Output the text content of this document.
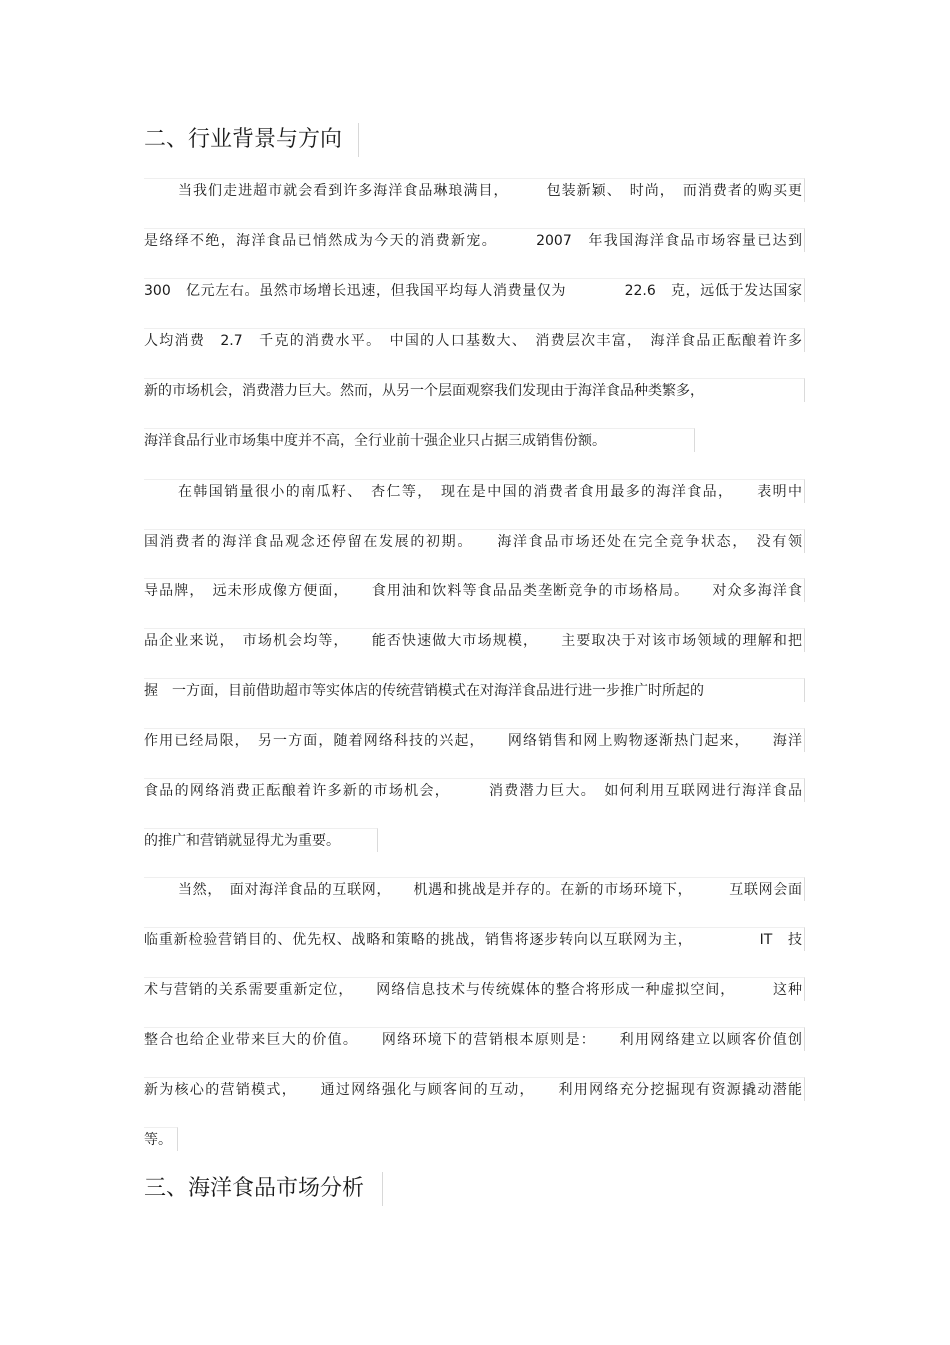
二、行业背景与方向
当我们走进超市就会看到许多海洋食品琳琅满目，　　　包装新颖、　时尚，　而消费者的购买更
是络绎不绝，海洋食品已悄然成为今天的消费新宠。　　　2007　年我国海洋食品市场容量已达到
300　亿元左右。虽然市场增长迅速，但我国平均每人消费量仅为　　　　22.6　克，远低于发达国家
人均消费　2.7　千克的消费水平。　中国的人口基数大、　消费层次丰富，　海洋食品正酝酿着许多
新的市场机会，消费潜力巨大。然而，从另一个层面观察我们发现由于海洋食品种类繁多，
海洋食品行业市场集中度并不高，全行业前十强企业只占据三成销售份额。
在韩国销量很小的南瓜籽、　杏仁等，　现在是中国的消费者食用最多的海洋食品，　　表明中
国消费者的海洋食品观念还停留在发展的初期。　　海洋食品市场还处在完全竞争状态，　没有领
导品牌，　远未形成像方便面，　　食用油和饮料等食品品类垄断竞争的市场格局。　　对众多海洋食
品企业来说，　市场机会均等，　　能否快速做大市场规模，　　主要取决于对该市场领域的理解和把
握　一方面，目前借助超市等实体店的传统营销模式在对海洋食品进行进一步推广时所起的
作用已经局限，　另一方面，随着网络科技的兴起，　　网络销售和网上购物逐渐热门起来，　　海洋
食品的网络消费正酝酿着许多新的市场机会，　　　消费潜力巨大。　如何利用互联网进行海洋食品
的推广和营销就显得尤为重要。
当然，　面对海洋食品的互联网，　　机遇和挑战是并存的。在新的市场环境下，　　　互联网会面
临重新检验营销目的、优先权、战略和策略的挑战，销售将逐步转向以互联网为主，　　　　　IT　技
术与营销的关系需要重新定位，　　网络信息技术与传统媒体的整合将形成一种虚拟空间，　　　这种
整合也给企业带来巨大的价值。　　网络环境下的营销根本原则是：　　利用网络建立以顾客价值创
新为核心的营销模式，　　通过网络强化与顾客间的互动，　　利用网络充分挖掘现有资源撬动潜能
等。
三、海洋食品市场分析
